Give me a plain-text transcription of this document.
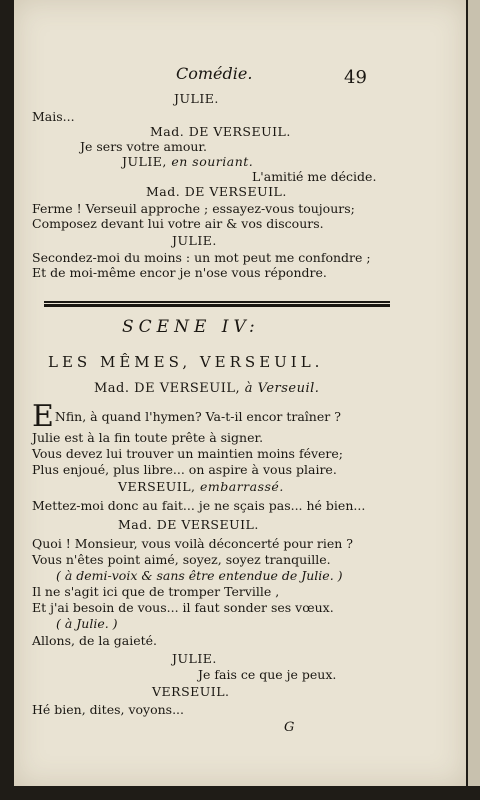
Comédie.	49
JULIE.
Mais...
Mad. DE VERSEUIL.
Je sers votre amour.
JULIE, en souriant.
L'amitié me décide.
Mad. DE VERSEUIL.
Ferme ! Verseuil approche ; essayez-vous toujours;
Composez devant lui votre air & vos discours.
JULIE.
Secondez-moi du moins : un mot peut me confondre ;
Et de moi-même encor je n'ose vous répondre.
SCENE IV:
LES MÊMES, VERSEUIL.
Mad. DE VERSEUIL, à Verseuil.
ENfin, à quand l'hymen? Va-t-il encor traîner ?
Julie est à la fin toute prête à signer.
Vous devez lui trouver un maintien moins févere;
Plus enjoué, plus libre... on aspire à vous plaire.
VERSEUIL, embarrassé.
Mettez-moi donc au fait... je ne sçais pas... hé bien...
Mad. DE VERSEUIL.
Quoi ! Monsieur, vous voilà déconcerté pour rien ?
Vous n'êtes point aimé, soyez, soyez tranquille.
( à demi-voix & sans être entendue de Julie. )
Il ne s'agit ici que de tromper Terville ,
Et j'ai besoin de vous... il faut sonder ses vœux.
( à Julie. )
Allons, de la gaieté.
JULIE.
Je fais ce que je peux.
VERSEUIL.
Hé bien, dites, voyons...
G
